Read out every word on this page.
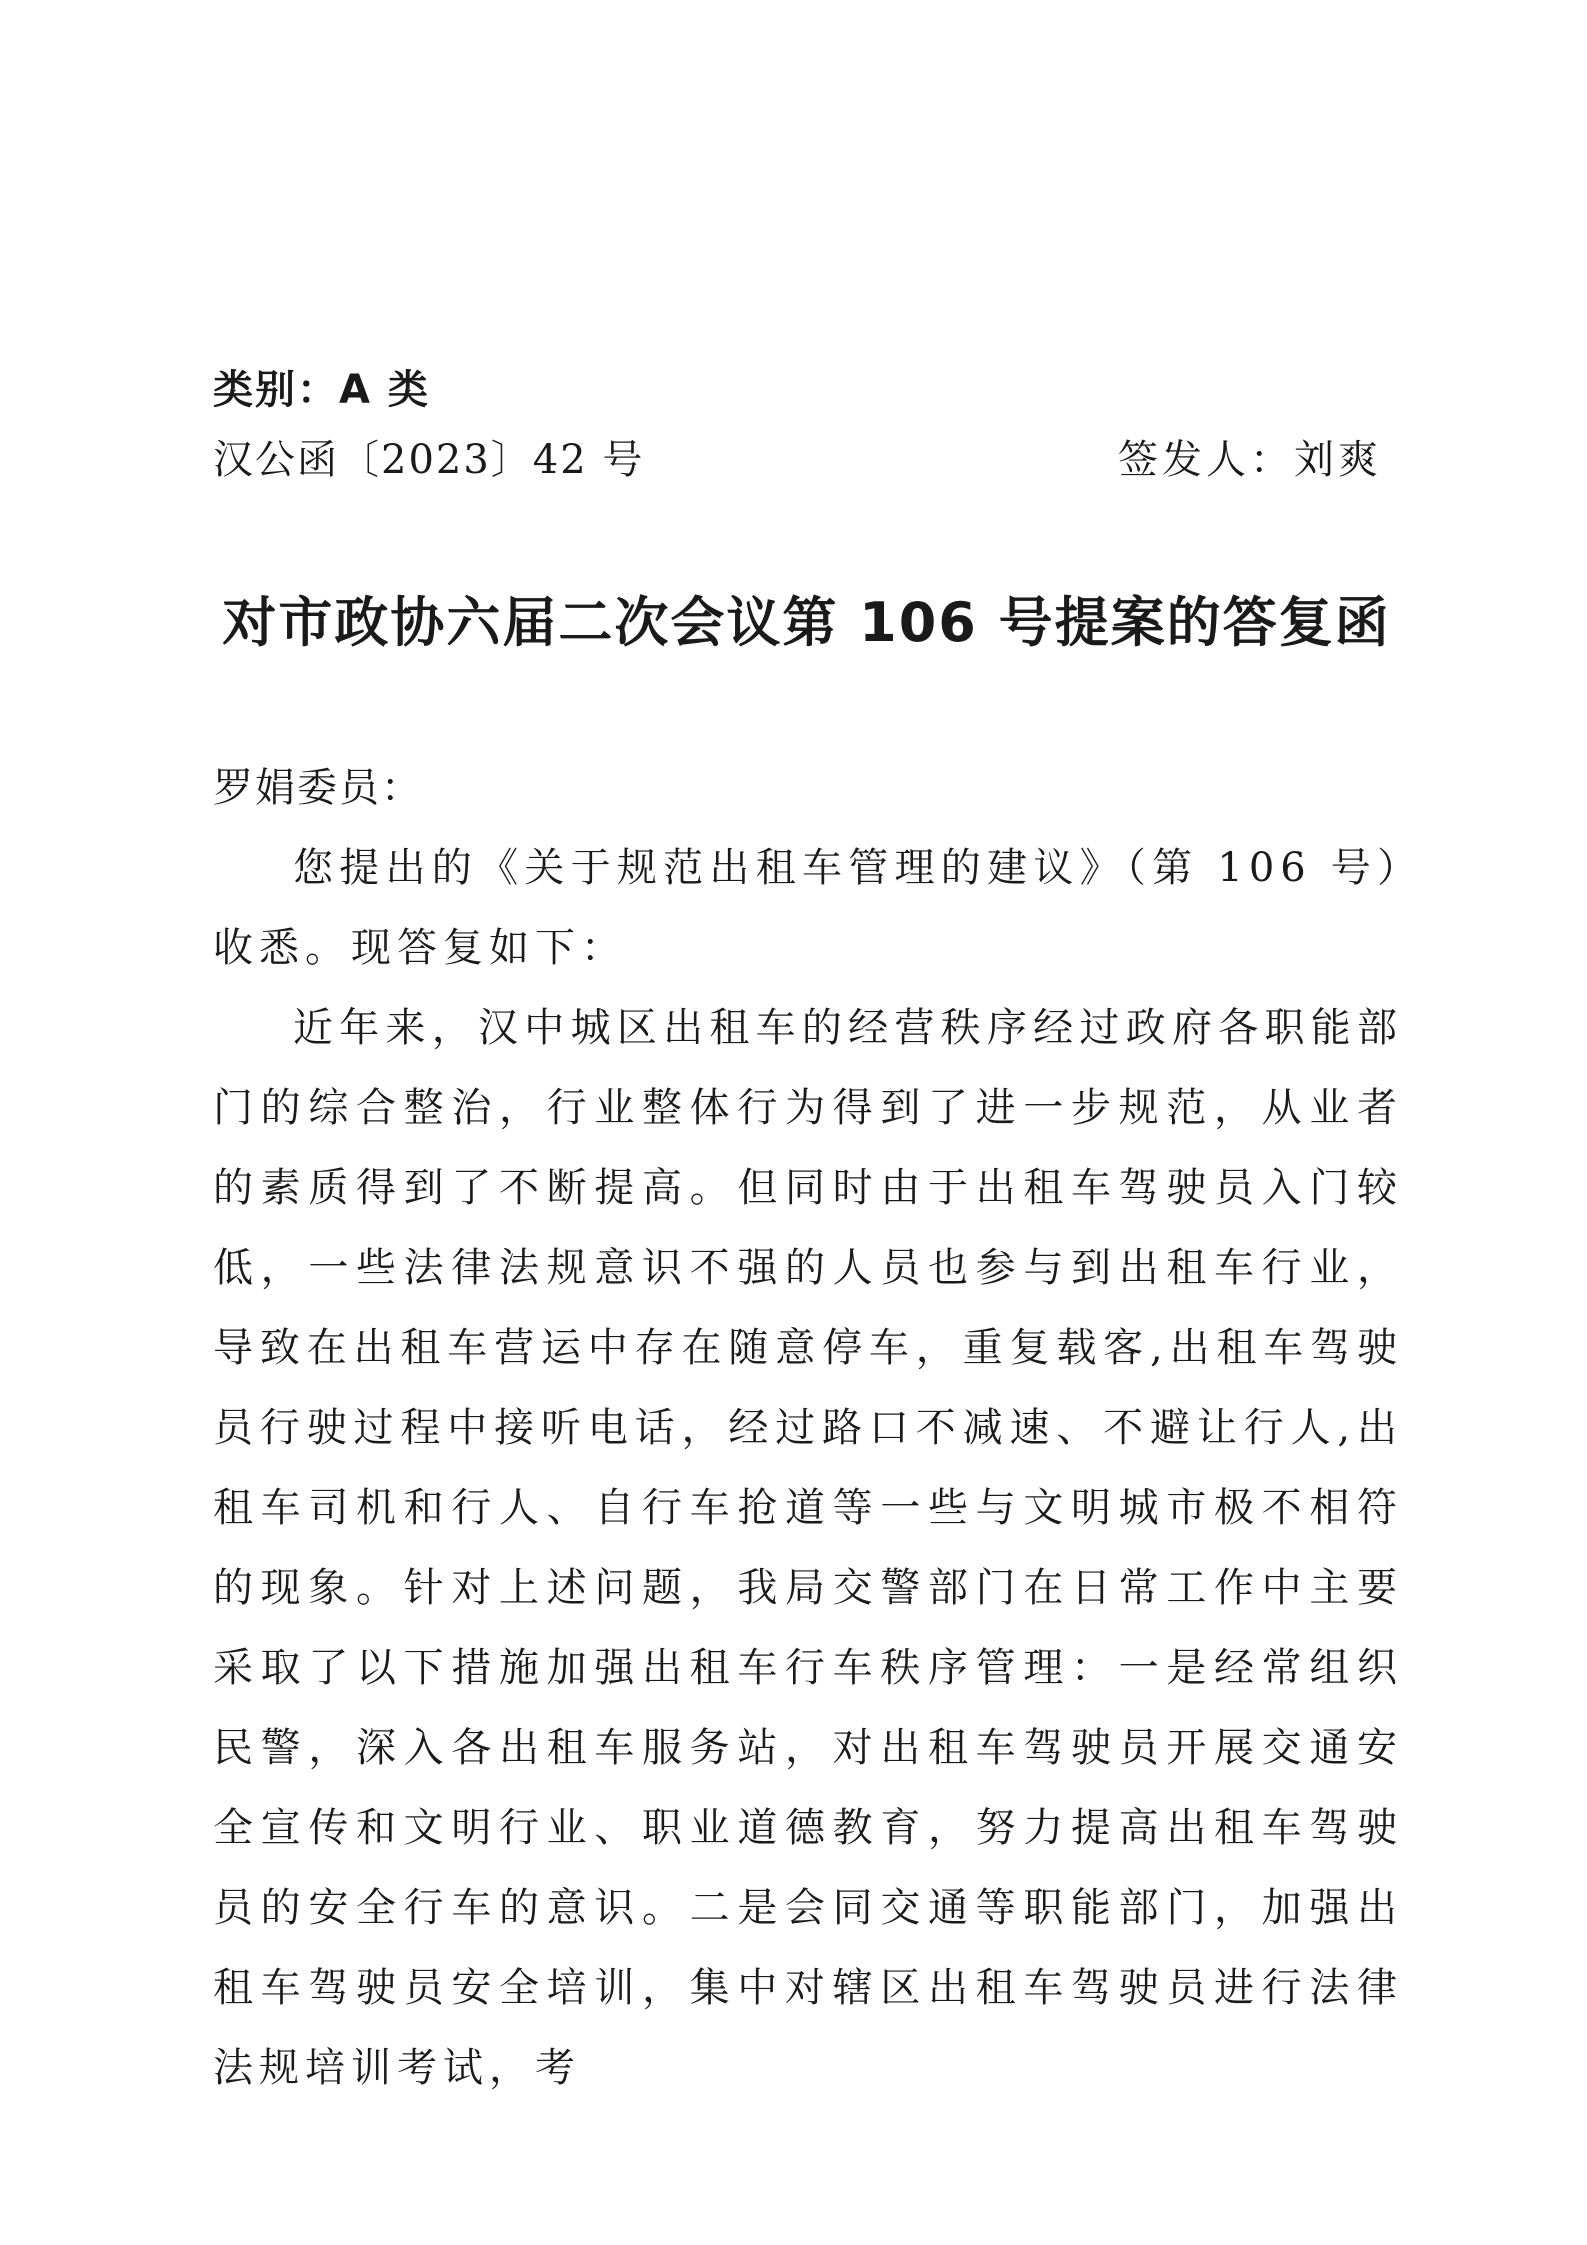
类别：A 类
汉公函〔2023〕42 号	签发人：刘爽
对市政协六届二次会议第 106 号提案的答复函

罗娟委员：

您提出的《关于规范出租车管理的建议》（第 106 号）收悉。现答复如下：

近年来，汉中城区出租车的经营秩序经过政府各职能部门的综合整治，行业整体行为得到了进一步规范，从业者的素质得到了不断提高。但同时由于出租车驾驶员入门较低，一些法律法规意识不强的人员也参与到出租车行业，导致在出租车营运中存在随意停车，重复载客,出租车驾驶员行驶过程中接听电话，经过路口不减速、不避让行人,出租车司机和行人、自行车抢道等一些与文明城市极不相符的现象。针对上述问题，我局交警部门在日常工作中主要采取了以下措施加强出租车行车秩序管理：一是经常组织民警，深入各出租车服务站，对出租车驾驶员开展交通安全宣传和文明行业、职业道德教育，努力提高出租车驾驶员的安全行车的意识。二是会同交通等职能部门，加强出租车驾驶员安全培训，集中对辖区出租车驾驶员进行法律法规培训考试，考
